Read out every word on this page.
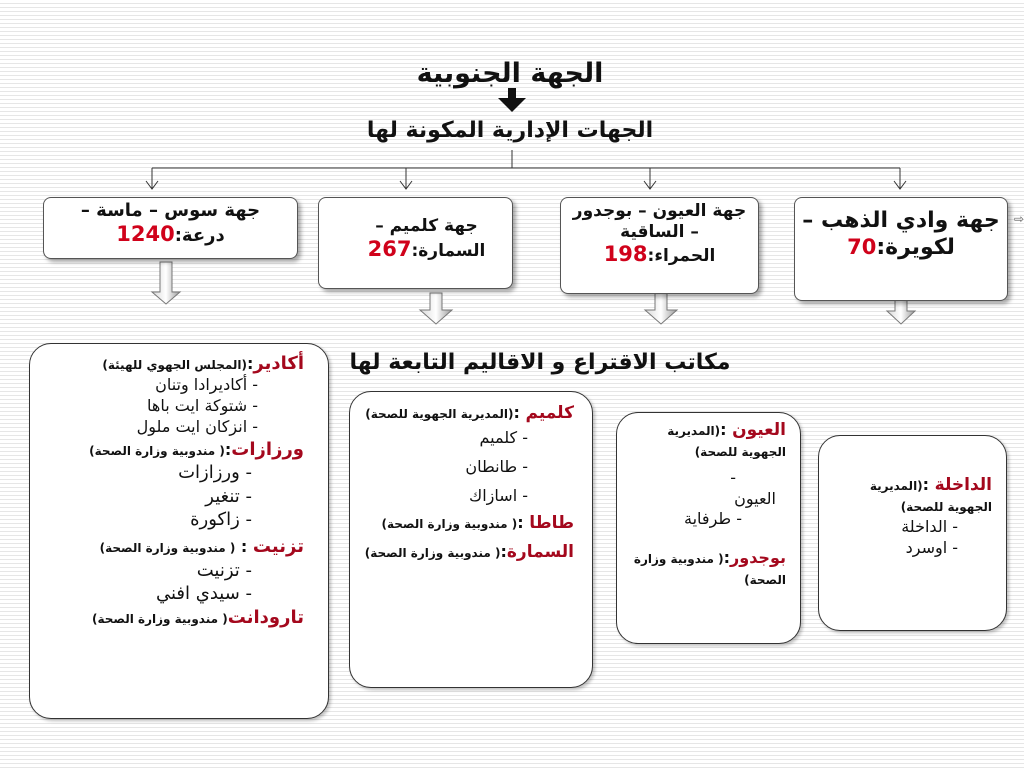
⇨
الجهة الجنوبية
الجهات الإدارية المكونة لها
جهة وادي الذهب – لكويرة:70
جهة العيون – بوجدور – الساقية الحمراء:198
جهة كلميم – السمارة:267
جهة سوس – ماسة – درعة:1240
مكاتب الاقتراع و الاقاليم التابعة لها

أكادير:(المجلس الجهوي للهيئة)

- أكاديرادا وتنان

- شتوكة ايت باها

- انزكان ايت ملول

ورزازات:( مندوبية وزارة الصحة)

- ورزازات

- تنغير

- زاكورة

تزنيت : ( مندوبية وزارة الصحة)

- تزنيت

- سيدي افني

تارودانت( مندوبية وزارة الصحة)

كلميم :(المديرية الجهوية للصحة)

- كلميم

- طانطان

- اسازاك

طاطا :( مندوبية وزارة الصحة)

السمارة:( مندوبية وزارة الصحة)

العيون :(المديرية الجهوية للصحة)

-

العيون

- طرفاية

بوجدور:( مندوبية وزارة الصحة)

الداخلة :(المديرية الجهوية للصحة)

- الداخلة

- اوسرد
